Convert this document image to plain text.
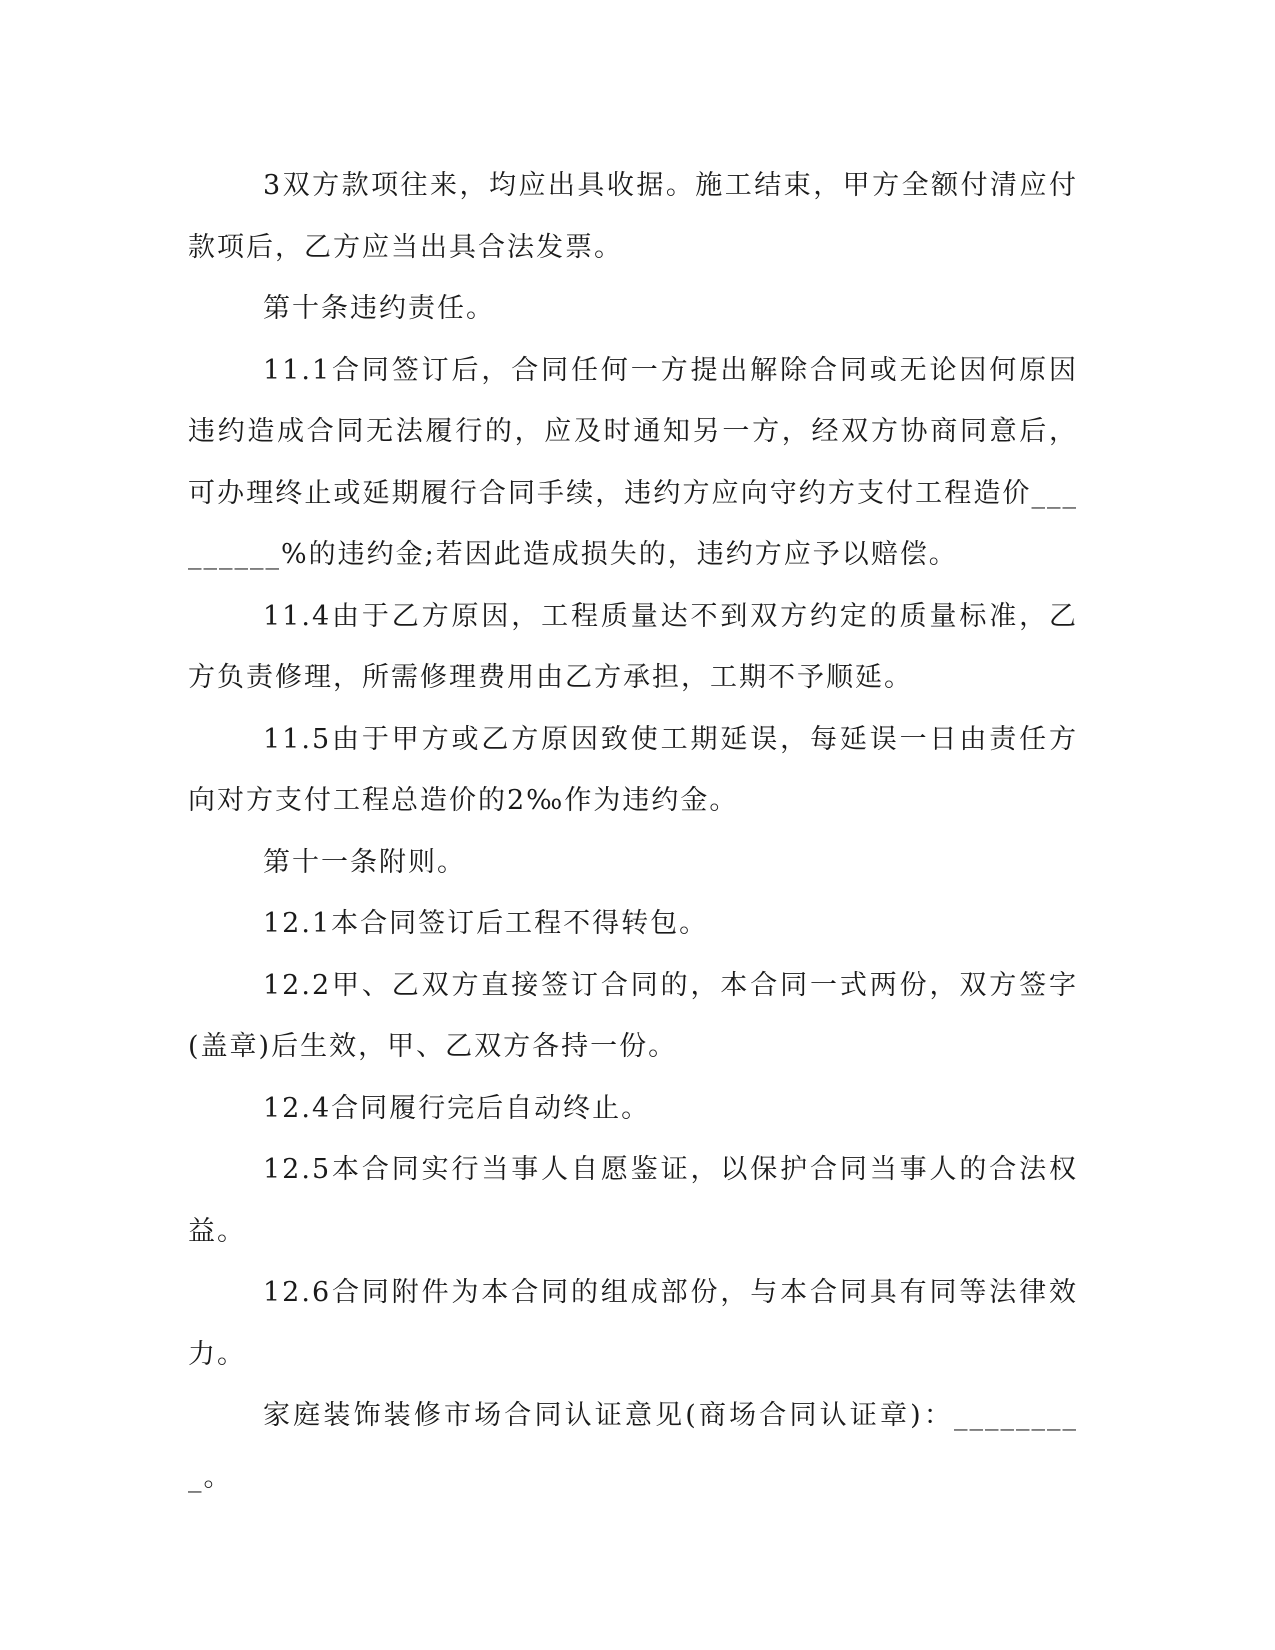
3双方款项往来，均应出具收据。施工结束，甲方全额付清应付款项后，乙方应当出具合法发票。

第十条违约责任。

11.1合同签订后，合同任何一方提出解除合同或无论因何原因违约造成合同无法履行的，应及时通知另一方，经双方协商同意后，可办理终止或延期履行合同手续，违约方应向守约方支付工程造价_________%的违约金;若因此造成损失的，违约方应予以赔偿。

11.4由于乙方原因，工程质量达不到双方约定的质量标准，乙方负责修理，所需修理费用由乙方承担，工期不予顺延。

11.5由于甲方或乙方原因致使工期延误，每延误一日由责任方向对方支付工程总造价的2‰作为违约金。

第十一条附则。

12.1本合同签订后工程不得转包。

12.2甲、乙双方直接签订合同的，本合同一式两份，双方签字(盖章)后生效，甲、乙双方各持一份。

12.4合同履行完后自动终止。

12.5本合同实行当事人自愿鉴证，以保护合同当事人的合法权益。

12.6合同附件为本合同的组成部份，与本合同具有同等法律效力。

家庭装饰装修市场合同认证意见(商场合同认证章)：_________。
